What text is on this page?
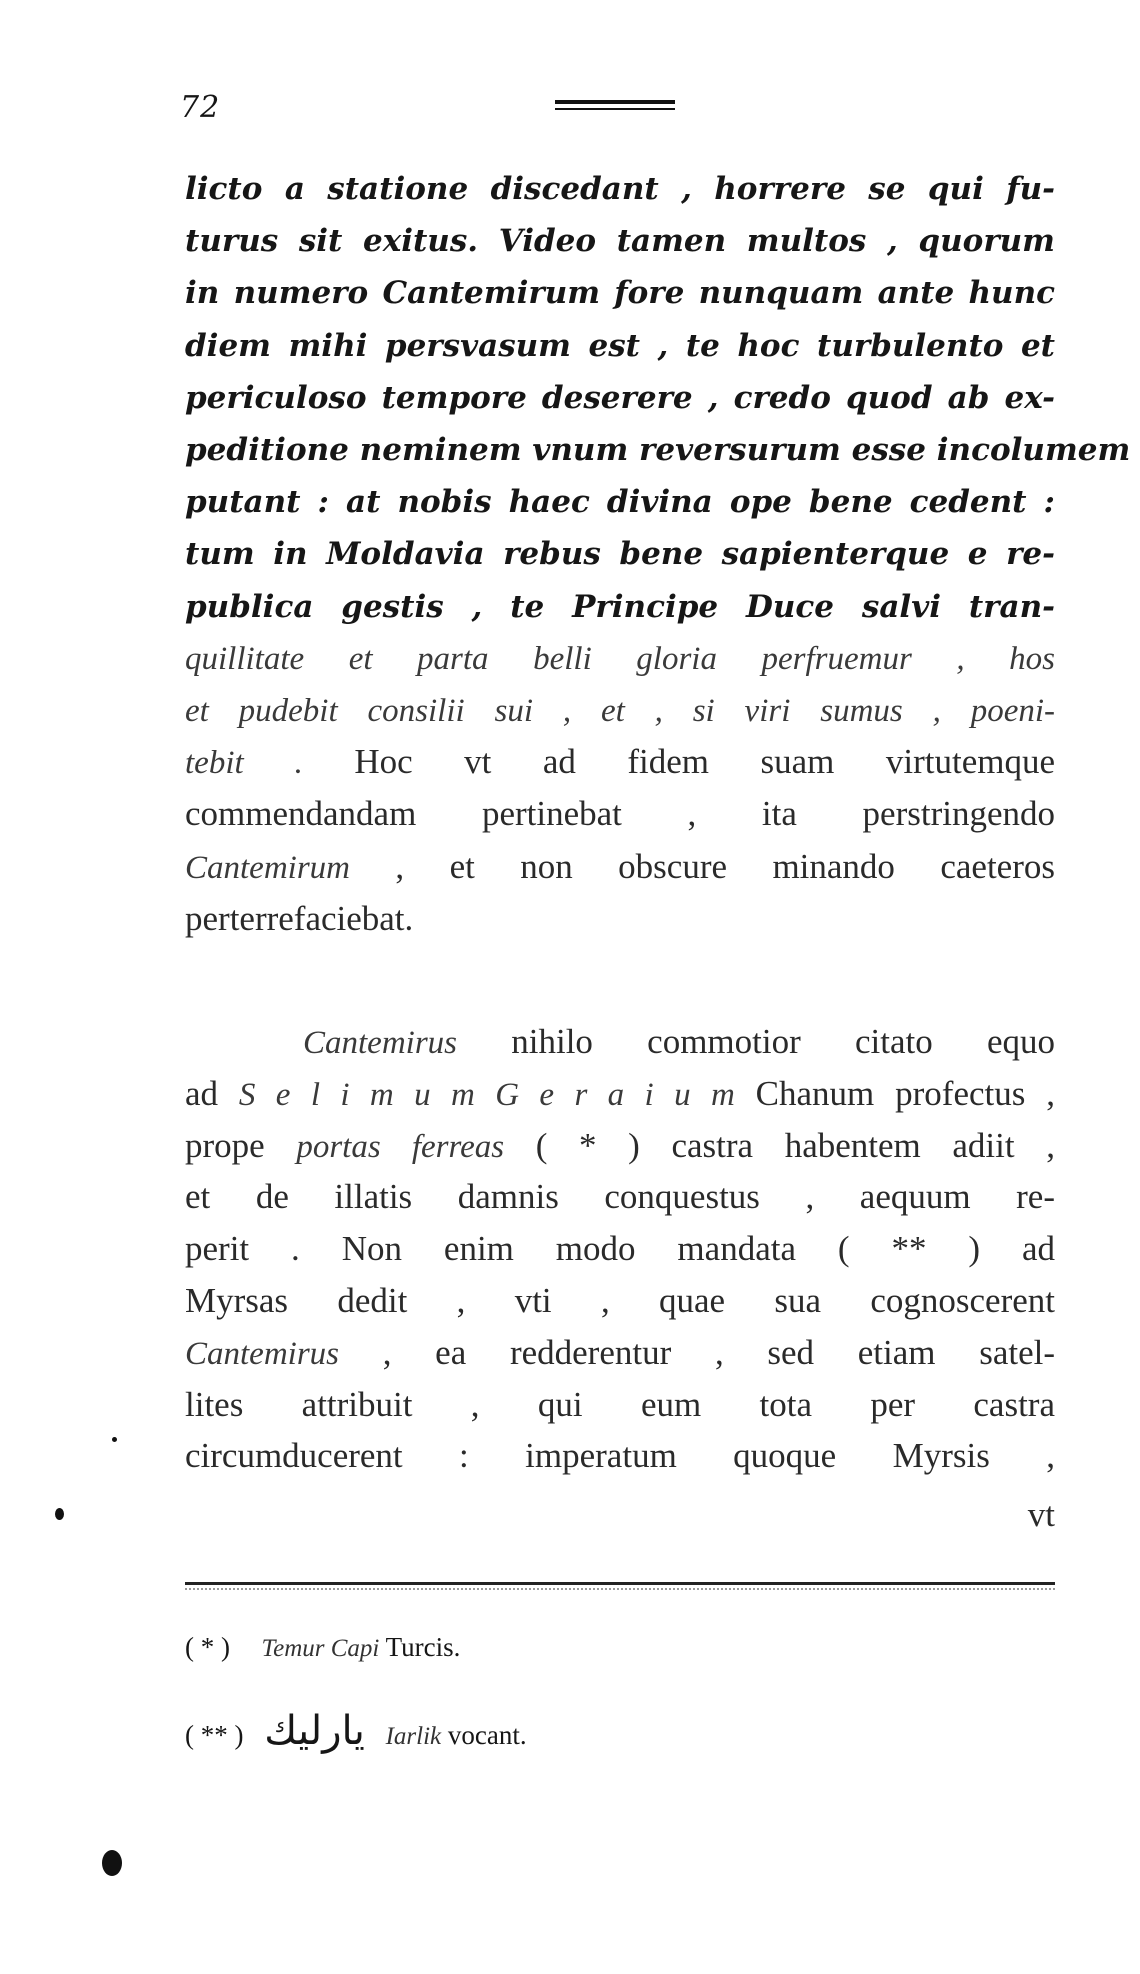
72
licto a statione discedant , horrere se qui fu-
turus sit exitus. Video tamen multos , quorum
in numero Cantemirum fore nunquam ante hunc
diem mihi persvasum est , te hoc turbulento et
periculoso tempore deserere , credo quod ab ex-
peditione neminem vnum reversurum esse incolumem
putant : at nobis haec divina ope bene cedent :
tum in Moldavia rebus bene sapienterque e re-
publica gestis , te Principe Duce salvi tran-
quillitate et parta belli gloria perfruemur , hos
et pudebit consilii sui , et , si viri sumus , poeni-
tebit . Hoc vt ad fidem suam virtutemque
commendandam pertinebat , ita perstringendo
Cantemirum , et non obscure minando caeteros
perterrefaciebat.
Cantemirus nihilo commotior citato equo
ad S e l i m u m G e r a i u m Chanum profectus ,
prope portas ferreas ( * ) castra habentem adiit ,
et de illatis damnis conquestus , aequum re-
perit . Non enim modo mandata ( ** ) ad
Myrsas dedit , vti , quae sua cognoscerent
Cantemirus , ea redderentur , sed etiam satel-
lites attribuit , qui eum tota per castra
circumducerent : imperatum quoque Myrsis ,
vt
( * ) Temur Capi Turcis.
( ** ) يارليك Iarlik vocant.
